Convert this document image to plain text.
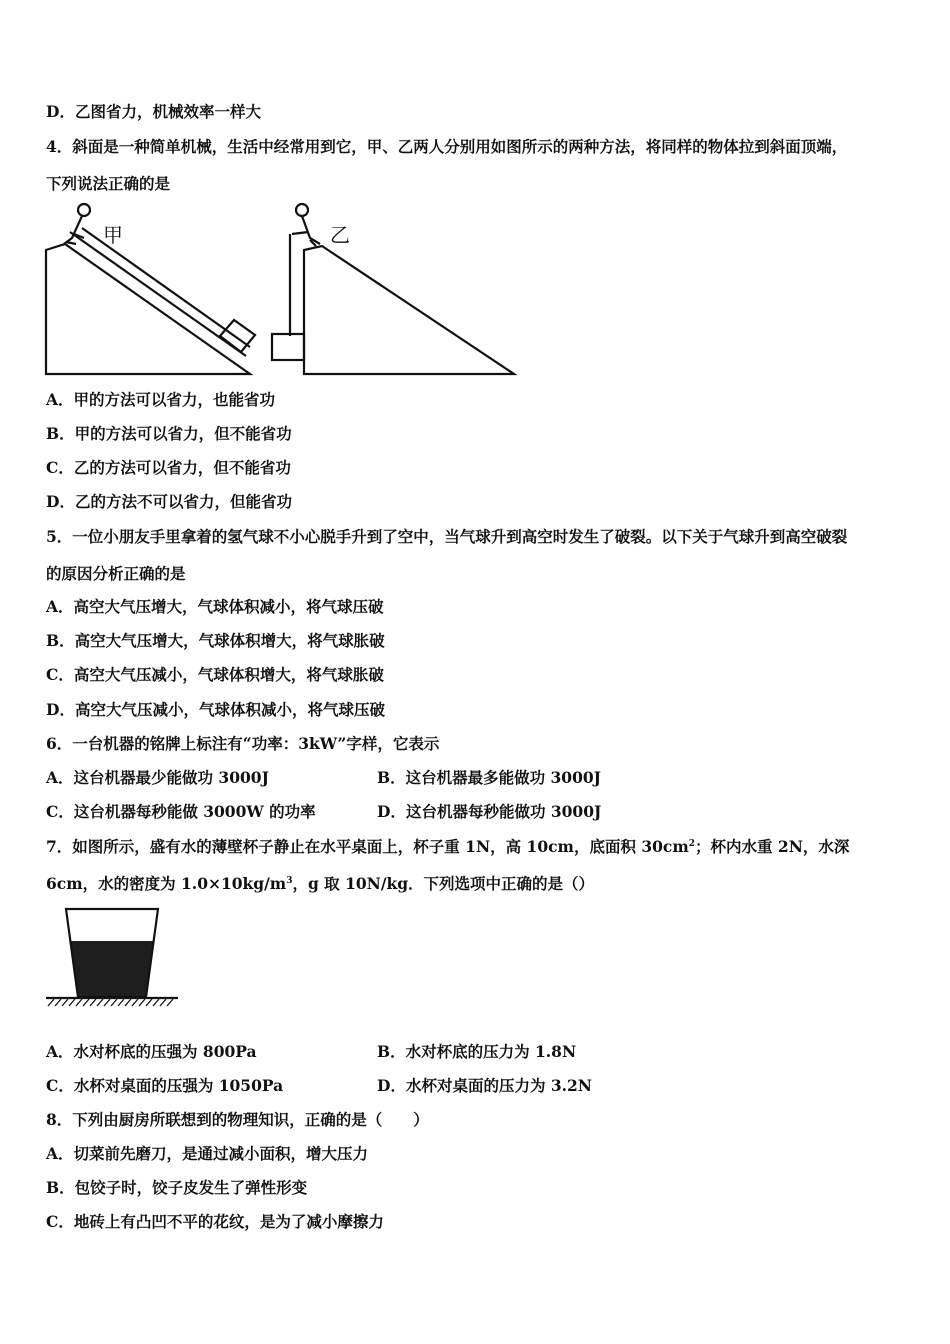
D．乙图省力，机械效率一样大
4．斜面是一种简单机械，生活中经常用到它，甲、乙两人分别用如图所示的两种方法，将同样的物体拉到斜面顶端，
下列说法正确的是
甲	乙
A．甲的方法可以省力，也能省功
B．甲的方法可以省力，但不能省功
C．乙的方法可以省力，但不能省功
D．乙的方法不可以省力，但能省功
5．一位小朋友手里拿着的氢气球不小心脱手升到了空中，当气球升到高空时发生了破裂。以下关于气球升到高空破裂
的原因分析正确的是
A．高空大气压增大，气球体积减小，将气球压破
B．高空大气压增大，气球体积增大，将气球胀破
C．高空大气压减小，气球体积增大，将气球胀破
D．高空大气压减小，气球体积减小，将气球压破
6．一台机器的铭牌上标注有“功率：3kW”字样，它表示
A．这台机器最少能做功 3000J	B．这台机器最多能做功 3000J
C．这台机器每秒能做 3000W 的功率	D．这台机器每秒能做功 3000J
7．如图所示，盛有水的薄壁杯子静止在水平桌面上，杯子重 1N，高 10cm，底面积 $30cm^2$；杯内水重 2N，水深
6cm，水的密度为 $1.0\times 10kg/m^3$，g 取 10N/kg．下列选项中正确的是（）
A．水对杯底的压强为 800Pa	B．水对杯底的压力为 1.8N
C．水杯对桌面的压强为 1050Pa	D．水杯对桌面的压力为 3.2N
8．下列由厨房所联想到的物理知识，正确的是（　　）
A．切菜前先磨刀，是通过减小面积，增大压力
B．包饺子时，饺子皮发生了弹性形变
C．地砖上有凸凹不平的花纹，是为了减小摩擦力
